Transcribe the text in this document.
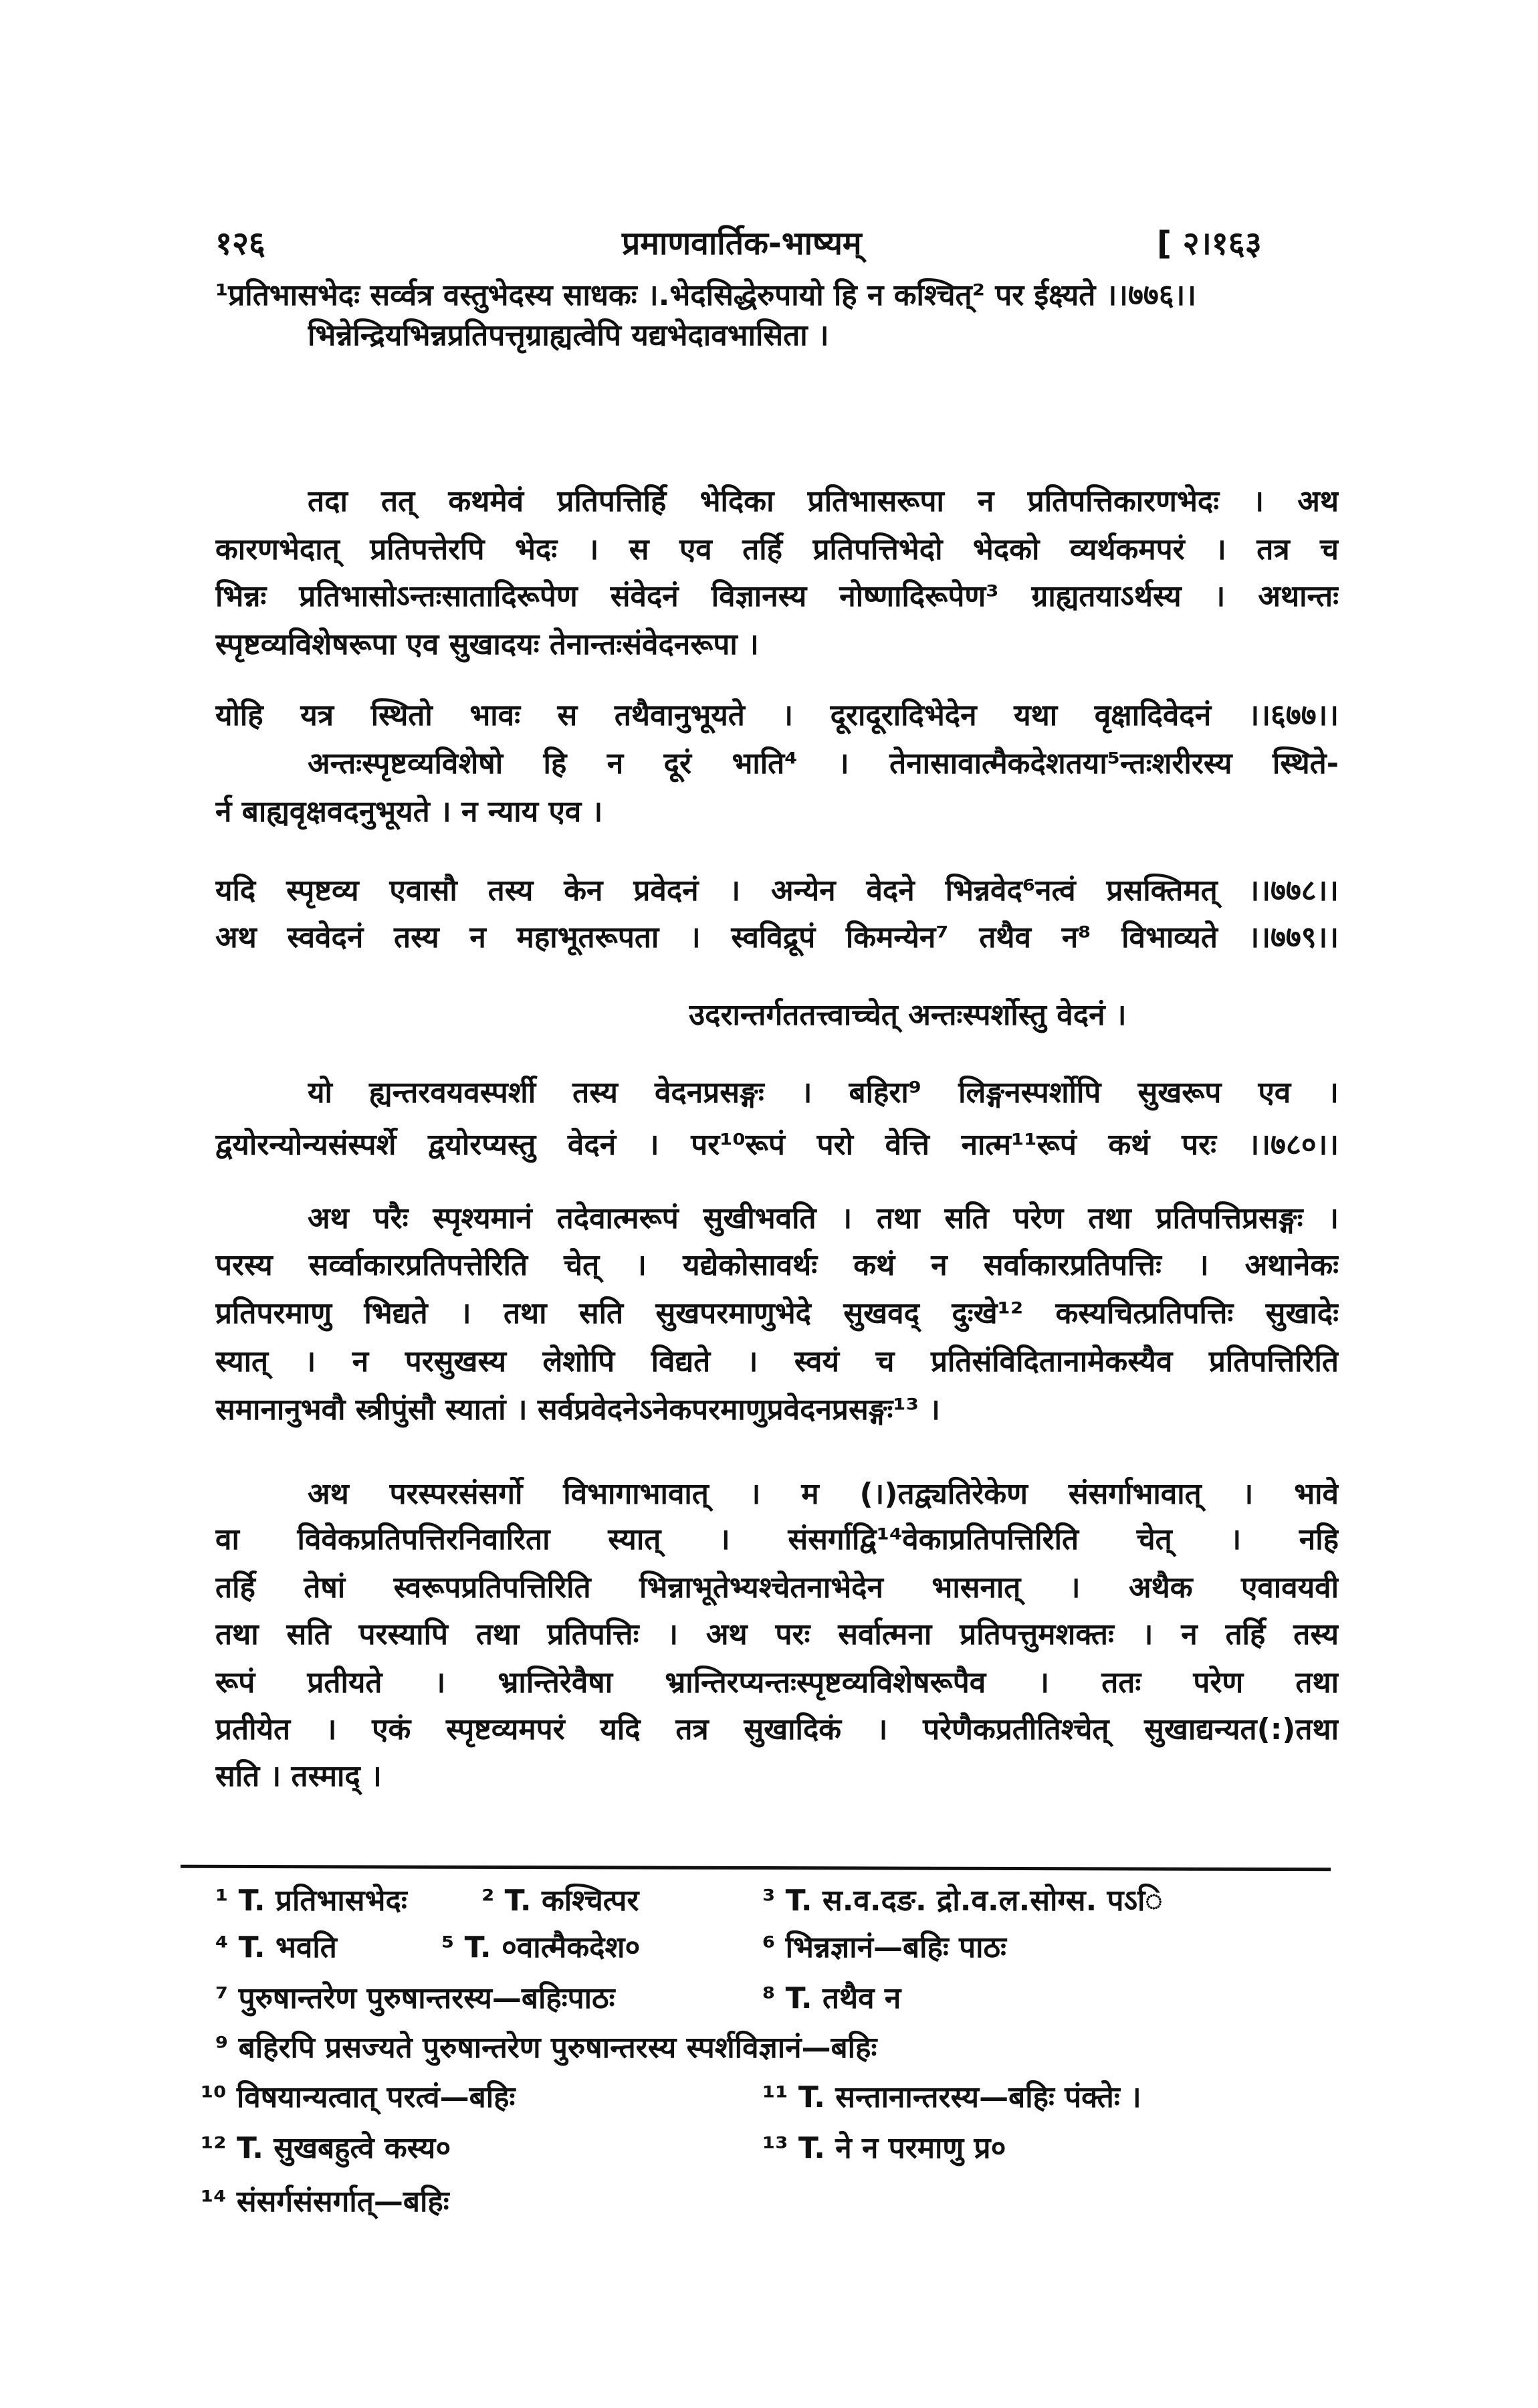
१२६	प्रमाणवार्तिक-भाष्यम्	[ २।१६३
¹प्रतिभासभेदः सर्व्वत्र वस्तुभेदस्य साधकः ।.भेदसिद्धेरुपायो हि न कश्चित्² पर ईक्ष्यते ।।७७६।।
भिन्नेन्द्रियभिन्नप्रतिपत्तृग्राह्यत्वेपि यद्यभेदावभासिता ।
तदा तत् कथमेवं प्रतिपत्तिर्हि भेदिका प्रतिभासरूपा न प्रतिपत्तिकारणभेदः । अथ
कारणभेदात् प्रतिपत्तेरपि भेदः । स एव तर्हि प्रतिपत्तिभेदो भेदको व्यर्थकमपरं । तत्र च
भिन्नः प्रतिभासोऽन्तःसातादिरूपेण संवेदनं विज्ञानस्य नोष्णादिरूपेण³ ग्राह्यतयाऽर्थस्य । अथान्तः
स्पृष्टव्यविशेषरूपा एव सुखादयः तेनान्तःसंवेदनरूपा ।
योहि यत्र स्थितो भावः स तथैवानुभूयते । दूरादूरादिभेदेन यथा वृक्षादिवेदनं ।।६७७।।
अन्तःस्पृष्टव्यविशेषो हि न दूरं भाति⁴ । तेनासावात्मैकदेशतया⁵न्तःशरीरस्य स्थिते-
र्न बाह्यवृक्षवदनुभूयते । न न्याय एव ।
यदि स्पृष्टव्य एवासौ तस्य केन प्रवेदनं । अन्येन वेदने भिन्नवेद⁶नत्वं प्रसक्तिमत् ।।७७८।।
अथ स्ववेदनं तस्य न महाभूतरूपता । स्वविद्रूपं किमन्येन⁷ तथैव न⁸ विभाव्यते ।।७७९।।
उदरान्तर्गततत्त्वाच्चेत् अन्तःस्पर्शोस्तु वेदनं ।
यो ह्यन्तरवयवस्पर्शी तस्य वेदनप्रसङ्गः । बहिरा⁹ लिङ्गनस्पर्शोपि सुखरूप एव ।
द्वयोरन्योन्यसंस्पर्शे द्वयोरप्यस्तु वेदनं । पर¹⁰रूपं परो वेत्ति नात्म¹¹रूपं कथं परः ।।७८०।।
अथ परैः स्पृश्यमानं तदेवात्मरूपं सुखीभवति । तथा सति परेण तथा प्रतिपत्तिप्रसङ्गः ।
परस्य सर्व्वाकारप्रतिपत्तेरिति चेत् । यद्येकोसावर्थः कथं न सर्वाकारप्रतिपत्तिः । अथानेकः
प्रतिपरमाणु भिद्यते । तथा सति सुखपरमाणुभेदे सुखवद् दुःखे¹² कस्यचित्प्रतिपत्तिः सुखादेः
स्यात् । न परसुखस्य लेशोपि विद्यते । स्वयं च प्रतिसंविदितानामेकस्यैव प्रतिपत्तिरिति
समानानुभवौ स्त्रीपुंसौ स्यातां । सर्वप्रवेदनेऽनेकपरमाणुप्रवेदनप्रसङ्गः¹³ ।
अथ परस्परसंसर्गो विभागाभावात् । म (।)तद्व्यतिरेकेण संसर्गाभावात् । भावे
वा विवेकप्रतिपत्तिरनिवारिता स्यात् । संसर्गाद्वि¹⁴वेकाप्रतिपत्तिरिति चेत् । नहि
तर्हि तेषां स्वरूपप्रतिपत्तिरिति भिन्नाभूतेभ्यश्चेतनाभेदेन भासनात् । अथैक एवावयवी
तथा सति परस्यापि तथा प्रतिपत्तिः । अथ परः सर्वात्मना प्रतिपत्तुमशक्तः । न तर्हि तस्य
रूपं प्रतीयते । भ्रान्तिरेवैषा भ्रान्तिरप्यन्तःस्पृष्टव्यविशेषरूपैव । ततः परेण तथा
प्रतीयेत । एकं स्पृष्टव्यमपरं यदि तत्र सुखादिकं । परेणैकप्रतीतिश्चेत् सुखाद्यन्यत(:)तथा
सति । तस्माद् ।
¹ T. प्रतिभासभेदः	² T. कश्चित्पर	³ T. स.व.दङ. द्रो.व.ल.सोग्स. पऽि
⁴ T. भवति	⁵ T. ०वात्मैकदेश०	⁶ भिन्नज्ञानं—बहिः पाठः
⁷ पुरुषान्तरेण पुरुषान्तरस्य—बहिःपाठः	⁸ T. तथैव न
⁹ बहिरपि प्रसज्यते पुरुषान्तरेण पुरुषान्तरस्य स्पर्शविज्ञानं—बहिः
¹⁰ विषयान्यत्वात् परत्वं—बहिः	¹¹ T. सन्तानान्तरस्य—बहिः पंक्तेः ।
¹² T. सुखबहुत्वे कस्य०	¹³ T. ने न परमाणु प्र०
¹⁴ संसर्गसंसर्गात्—बहिः
